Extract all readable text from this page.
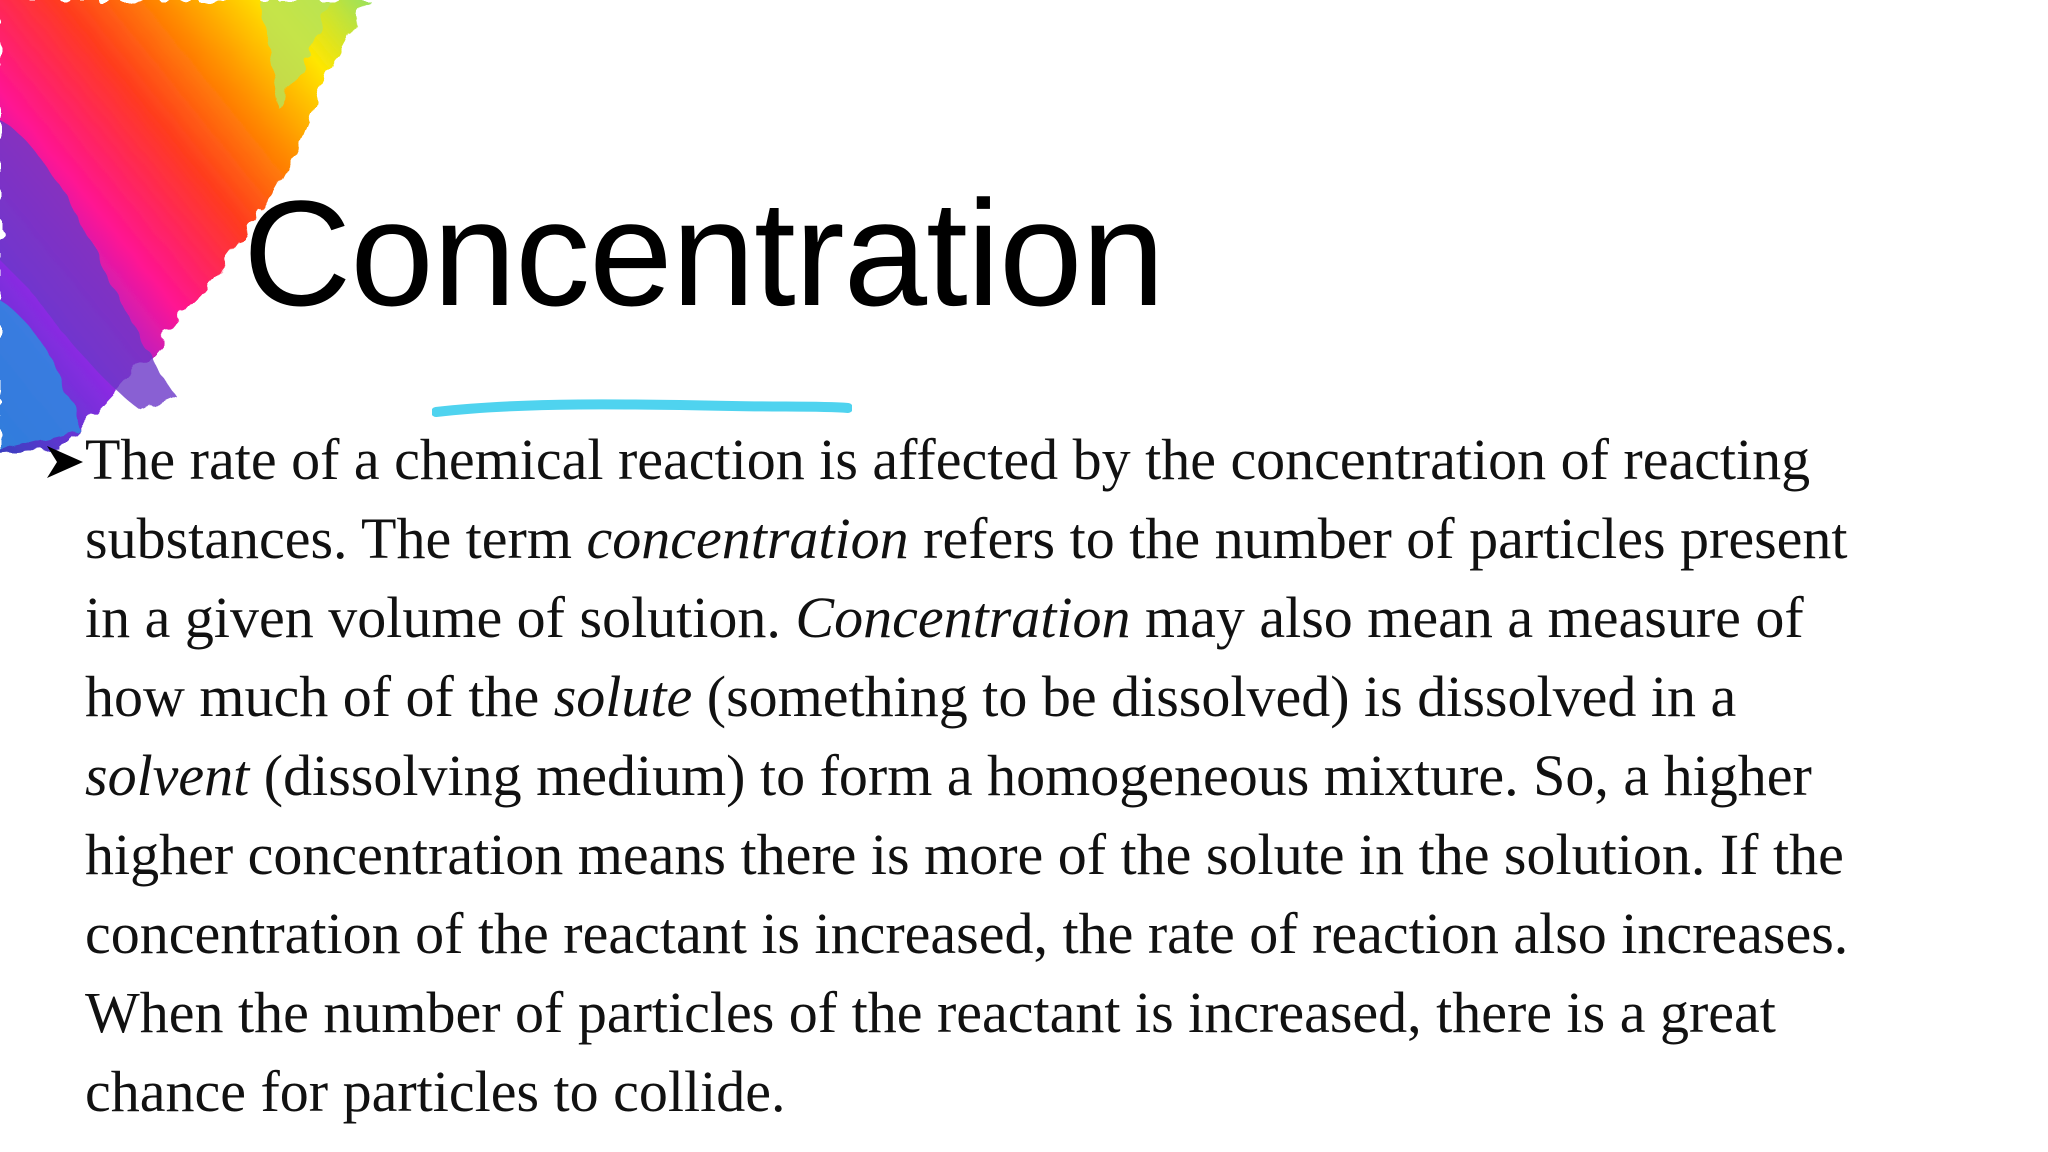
Concentration
The rate of a chemical reaction is affected by the concentration of reacting
substances. The term concentration refers to the number of particles present
in a given volume of solution. Concentration may also mean a measure of
how much of of the solute (something to be dissolved) is dissolved in a
solvent (dissolving medium) to form a homogeneous mixture. So, a higher
higher concentration means there is more of the solute in the solution. If the
concentration of the reactant is increased, the rate of reaction also increases.
When the number of particles of the reactant is increased, there is a great
chance for particles to collide.
